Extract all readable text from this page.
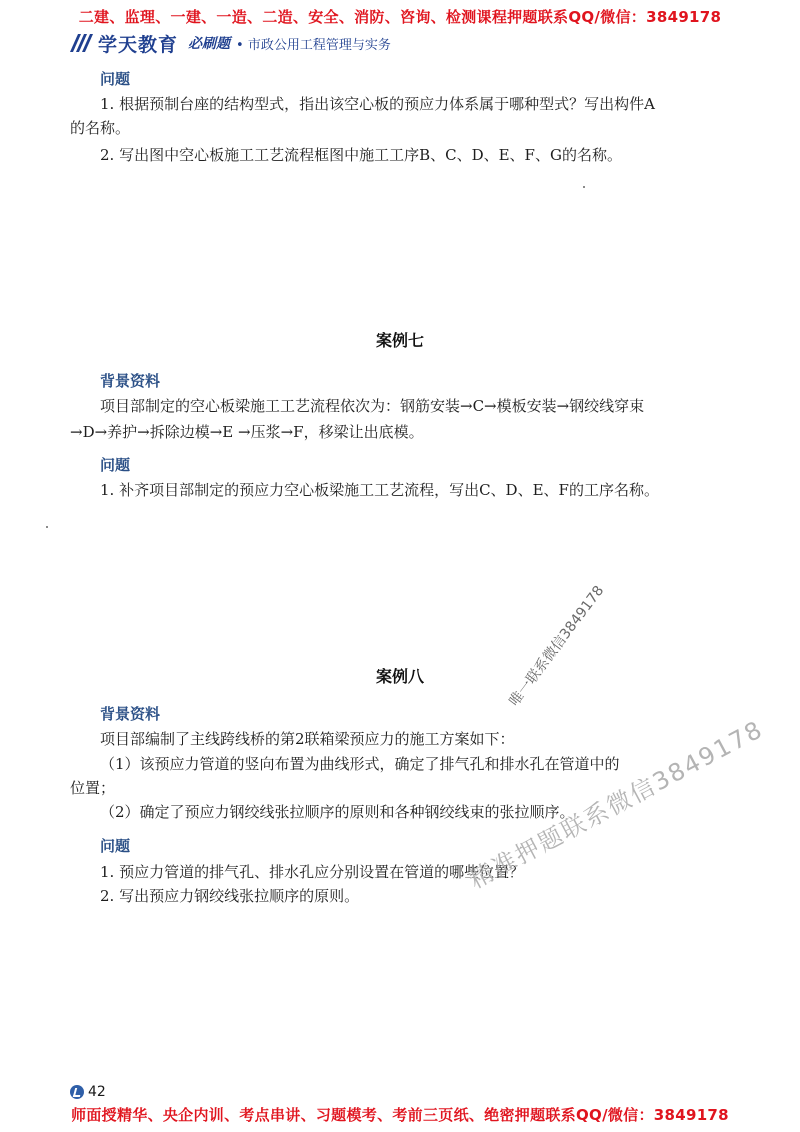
二建、监理、一建、一造、二造、安全、消防、咨询、检测课程押题联系QQ/微信：3849178
学天教育 必刷题 • 市政公用工程管理与实务
问题
1. 根据预制台座的结构型式，指出该空心板的预应力体系属于哪种型式？写出构件A
的名称。
2. 写出图中空心板施工工艺流程框图中施工工序B、C、D、E、F、G的名称。
案例七
背景资料
项目部制定的空心板梁施工工艺流程依次为：钢筋安装→C→模板安装→钢绞线穿束
→D→养护→拆除边模→E →压浆→F，移梁让出底模。
问题
1. 补齐项目部制定的预应力空心板梁施工工艺流程，写出C、D、E、F的工序名称。
案例八
背景资料
项目部编制了主线跨线桥的第2联箱梁预应力的施工方案如下：
（1）该预应力管道的竖向布置为曲线形式，确定了排气孔和排水孔在管道中的
位置；
（2）确定了预应力钢绞线张拉顺序的原则和各种钢绞线束的张拉顺序。
问题
1. 预应力管道的排气孔、排水孔应分别设置在管道的哪些位置？
2. 写出预应力钢绞线张拉顺序的原则。
唯一联系微信3849178
精准押题联系微信3849178
42
师面授精华、央企内训、考点串讲、习题模考、考前三页纸、绝密押题联系QQ/微信：3849178
